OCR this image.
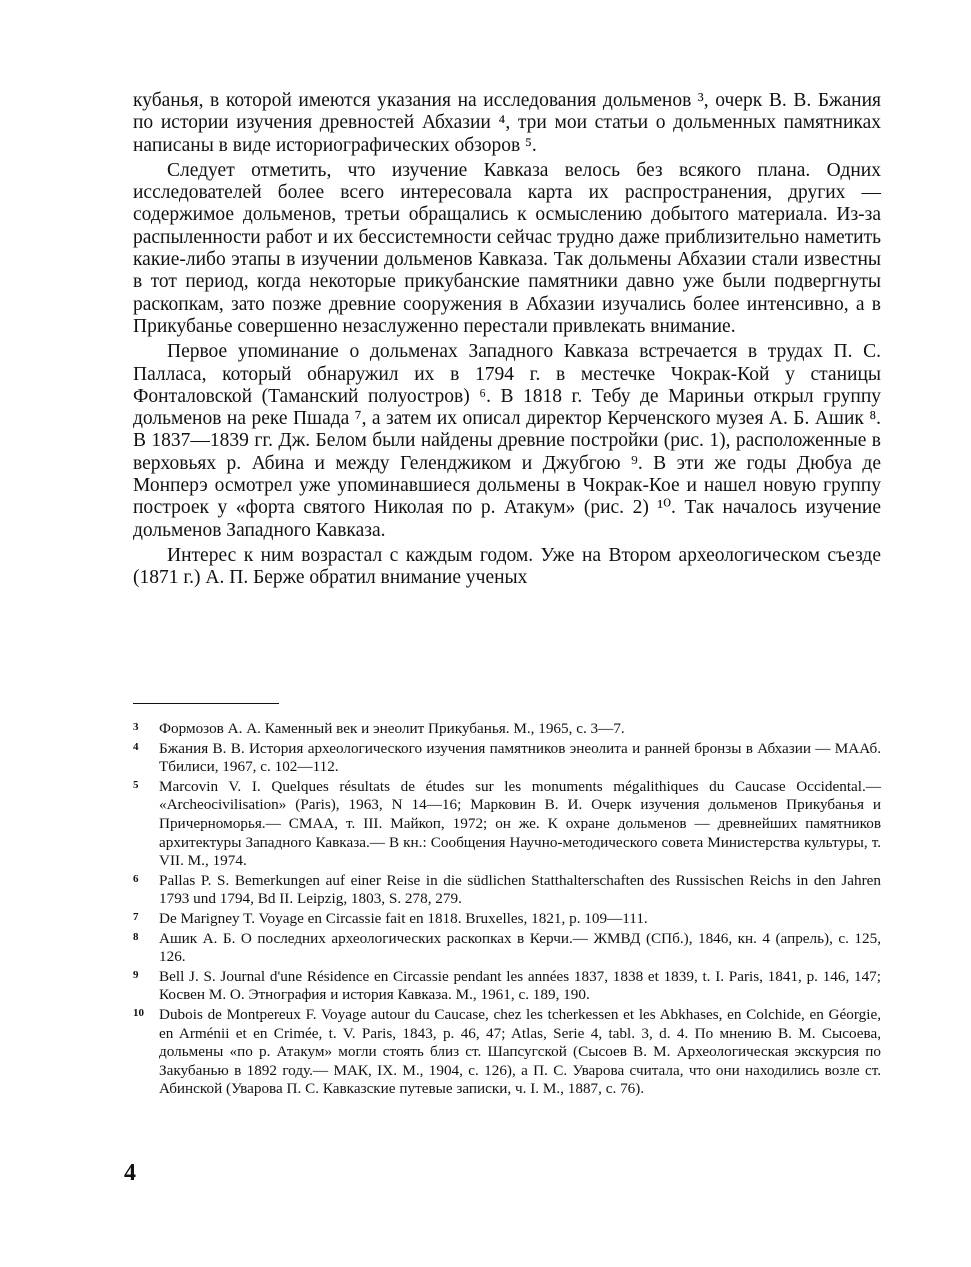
кубанья, в которой имеются указания на исследования дольменов ³, очерк В. В. Бжания по истории изучения древностей Абхазии ⁴, три мои статьи о дольменных памятниках написаны в виде историографических обзоров ⁵.

Следует отметить, что изучение Кавказа велось без всякого плана. Одних исследователей более всего интересовала карта их распространения, других — содержимое дольменов, третьи обращались к осмыслению добытого материала. Из-за распыленности работ и их бессистемности сейчас трудно даже приблизительно наметить какие-либо этапы в изучении дольменов Кавказа. Так дольмены Абхазии стали известны в тот период, когда некоторые прикубанские памятники давно уже были подвергнуты раскопкам, зато позже древние сооружения в Абхазии изучались более интенсивно, а в Прикубанье совершенно незаслуженно перестали привлекать внимание.

Первое упоминание о дольменах Западного Кавказа встречается в трудах П. С. Палласа, который обнаружил их в 1794 г. в местечке Чокрак-Кой у станицы Фонталовской (Таманский полуостров) ⁶. В 1818 г. Тебу де Мариньи открыл группу дольменов на реке Пшада ⁷, а затем их описал директор Керченского музея А. Б. Ашик ⁸. В 1837—1839 гг. Дж. Белом были найдены древние постройки (рис. 1), расположенные в верховьях р. Абина и между Геленджиком и Джубгою ⁹. В эти же годы Дюбуа де Монперэ осмотрел уже упоминавшиеся дольмены в Чокрак-Кое и нашел новую группу построек у «форта святого Николая по р. Атакум» (рис. 2) ¹⁰. Так началось изучение дольменов Западного Кавказа.

Интерес к ним возрастал с каждым годом. Уже на Втором археологическом съезде (1871 г.) А. П. Берже обратил внимание ученых

3	Формозов А. А. Каменный век и энеолит Прикубанья. М., 1965, с. 3—7.
4	Бжания В. В. История археологического изучения памятников энеолита и ранней бронзы в Абхазии — МААб. Тбилиси, 1967, с. 102—112.
5	Marcovin V. I. Quelques résultats de études sur les monuments mégalithiques du Caucase Occidental.— «Archeocivilisation» (Paris), 1963, N 14—16; Марковин В. И. Очерк изучения дольменов Прикубанья и Причерноморья.— СМАА, т. III. Майкоп, 1972; он же. К охране дольменов — древнейших памятников архитектуры Западного Кавказа.— В кн.: Сообщения Научно-методического совета Министерства культуры, т. VII. М., 1974.
6	Pallas P. S. Bemerkungen auf einer Reise in die südlichen Statthalterschaften des Russischen Reichs in den Jahren 1793 und 1794, Bd II. Leipzig, 1803, S. 278, 279.
7	De Marigney T. Voyage en Circassie fait en 1818. Bruxelles, 1821, p. 109—111.
8	Ашик А. Б. О последних археологических раскопках в Керчи.— ЖМВД (СПб.), 1846, кн. 4 (апрель), с. 125, 126.
9	Bell J. S. Journal d'une Résidence en Circassie pendant les années 1837, 1838 et 1839, t. I. Paris, 1841, p. 146, 147; Косвен М. О. Этнография и история Кавказа. М., 1961, с. 189, 190.
10 Dubois de Montpereux F. Voyage autour du Caucase, chez les tcherkessen et les Abkhases, en Colchide, en Géorgie, en Arménii et en Crimée, t. V. Paris, 1843, p. 46, 47; Atlas, Serie 4, tabl. 3, d. 4. По мнению В. М. Сысоева, дольмены «по р. Атакум» могли стоять близ ст. Шапсугской (Сысоев В. М. Археологическая экскурсия по Закубанью в 1892 году.— МАК, IX. М., 1904, с. 126), а П. С. Уварова считала, что они находились возле ст. Абинской (Уварова П. С. Кавказские путевые записки, ч. I. М., 1887, с. 76).
4
